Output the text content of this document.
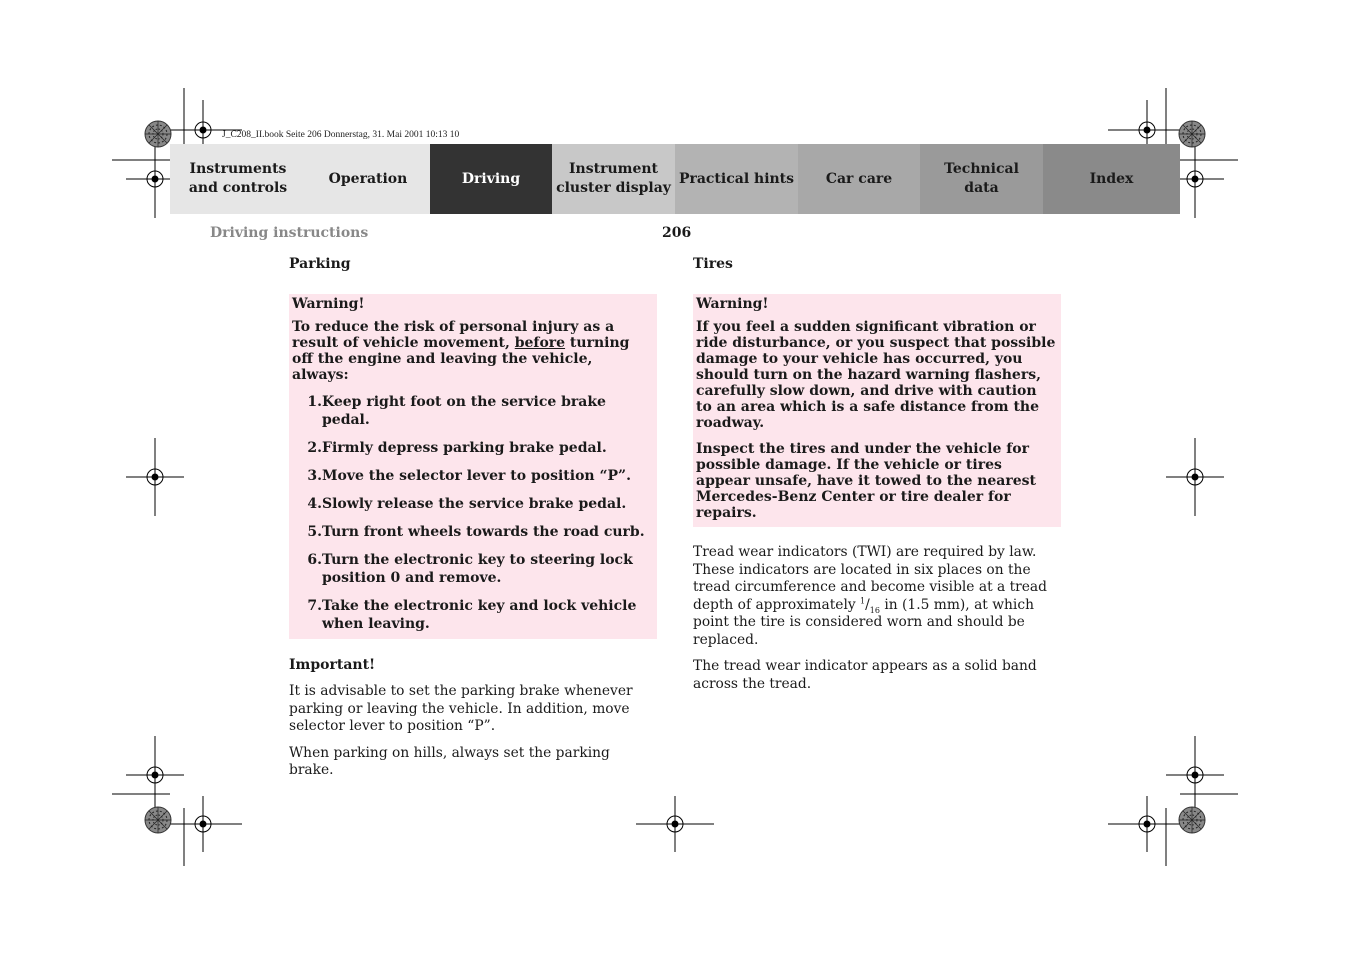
J_C208_II.book Seite 206 Donnerstag, 31. Mai 2001 10:13 10
Instruments
and controls
Operation	Driving
Instrument
cluster display
Practical hints Car care
Technical
data
Index
Driving instructions	206
Parking
Warning!

To reduce the risk of personal injury as a result of vehicle movement, before turning off the engine and leaving the vehicle, always:

1. Keep right foot on the service brake pedal.
2. Firmly depress parking brake pedal.
3. Move the selector lever to position “P”.
4. Slowly release the service brake pedal.
5. Turn front wheels towards the road curb.
6. Turn the electronic key to steering lock position 0 and remove.
7. Take the electronic key and lock vehicle when leaving.
Important!

It is advisable to set the parking brake whenever parking or leaving the vehicle. In addition, move selector lever to position “P”.

When parking on hills, always set the parking brake.

Tires
Warning!

If you feel a sudden significant vibration or ride disturbance, or you suspect that possible damage to your vehicle has occurred, you should turn on the hazard warning flashers, carefully slow down, and drive with caution to an area which is a safe distance from the roadway.

Inspect the tires and under the vehicle for possible damage. If the vehicle or tires appear unsafe, have it towed to the nearest Mercedes-Benz Center or tire dealer for repairs.

Tread wear indicators (TWI) are required by law. These indicators are located in six places on the tread circumference and become visible at a tread depth of approximately $^1/_{16}$ in (1.5 mm), at which point the tire is considered worn and should be replaced.

The tread wear indicator appears as a solid band across the tread.
